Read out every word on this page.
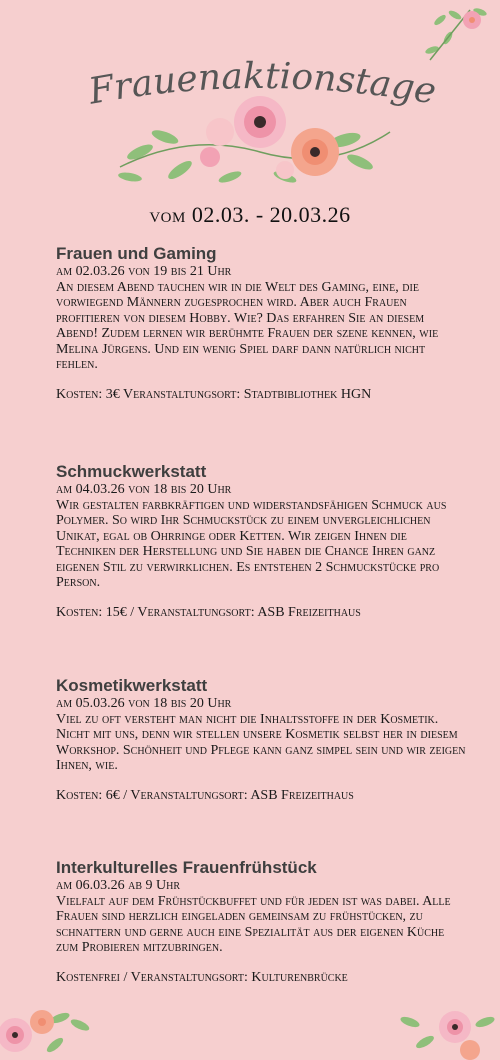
Frauenaktionstage
vom 02.03. - 20.03.26
Frauen und Gaming

am 02.03.26 von 19 bis 21 Uhr

An diesem Abend tauchen wir in die Welt des Gaming, eine, die vorwiegend Männern zugesprochen wird. Aber auch Frauen profitieren von diesem Hobby. Wie? Das erfahren Sie an diesem Abend! Zudem lernen wir berühmte Frauen der szene kennen, wie Melina Jürgens. Und ein wenig Spiel darf dann natürlich nicht fehlen.

Kosten: 3€ Veranstaltungsort: Stadtbibliothek HGN

Schmuckwerkstatt

am 04.03.26 von 18 bis 20 Uhr

Wir gestalten farbkräftigen und widerstandsfähigen Schmuck aus Polymer. So wird Ihr Schmuckstück zu einem unvergleichlichen Unikat, egal ob Ohrringe oder Ketten. Wir zeigen Ihnen die Techniken der Herstellung und Sie haben die Chance Ihren ganz eigenen Stil zu verwirklichen. Es entstehen 2 Schmuckstücke pro Person.

Kosten: 15€ / Veranstaltungsort: ASB Freizeithaus

Kosmetikwerkstatt

am 05.03.26 von 18 bis 20 Uhr

Viel zu oft versteht man nicht die Inhaltsstoffe in der Kosmetik. Nicht mit uns, denn wir stellen unsere Kosmetik selbst her in diesem Workshop. Schönheit und Pflege kann ganz simpel sein und wir zeigen Ihnen, wie.

Kosten: 6€ / Veranstaltungsort: ASB Freizeithaus

Interkulturelles Frauenfrühstück

am 06.03.26 ab 9 Uhr

Vielfalt auf dem Frühstückbuffet und für jeden ist was dabei. Alle Frauen sind herzlich eingeladen gemeinsam zu frühstücken, zu schnattern und gerne auch eine Spezialität aus der eigenen Küche zum Probieren mitzubringen.

Kostenfrei / Veranstaltungsort: Kulturenbrücke
